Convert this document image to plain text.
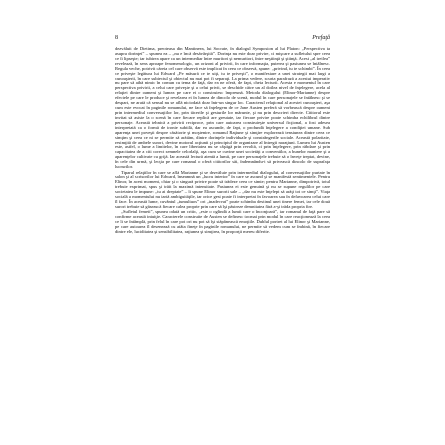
8	Prefaţă

dezvăluit de Dietima, preoteasa din Mantineea, lui Socrate, în dialogul Symposion al lui Platon: „Perspectiva ta asupra dorinţei” – spunea ea – „nu e încă desăvârşită”. Dorinţa nu este doar privire, ci mişcare a sufletului spre ceea ce îi lipseşte; iar iubirea apare ca un intermediar între muritori şi nemuritori, între neştiinţă şi ştiinţă. Acest „al treilea” revelează, în sens aproape fenomenologic, un orizont al privirii, în care informaţia, puterea şi pasiunea se întâlnesc. Regula veche, potrivit căreia cel care observă este implicat în ceea ce observă, spune: „privind, tu te schimbi”. În ceea ce priveşte legătura lui Edward „Pe măsură ce te uiţi, tu te priveşti”, o manifestare a unei strategii mai largi a cunoaşterii, în care subiectul şi obiectul nu mai pot fi separaţi. La prima vedere, scurta parafrază a acestui imperativ nu pare să aibă nimic în comun cu tema de faţă, dar ea ne oferă, de fapt, cheia lecturii. Acesta e momentul în care perspectiva privirii, a celui care priveşte şi a celui privit, se deschide către un al doilea nivel de înţelegere, acela al relaţiei dintre oameni şi lumea pe care ei o construiesc împreună. Metoda dialogului (Elinor-Marianne) despre efectele pe care le produce şi revelarea ei în lumea de dincolo de scenă, modul în care personajele se întâlnesc şi se despart, ne arată că sensul nu se află niciodată doar într-un singur loc. Caracterul relaţional al acestei cunoaşteri, aşa cum este evocat în paginile romanului, ne face să înţelegem de ce Jane Austen preferă să vorbească despre oameni prin intermediul conversaţiilor lor, prin tăcerile şi gesturile lor mărunte, şi nu prin descrieri directe. Cititorul este invitat să asiste la o scenă în care fiecare replică are greutate, iar fiecare privire poate schimba echilibrul dintre personaje. Această tehnică a privirii reciproce, prin care autoarea construieşte universul ficţional, a fost adesea interpretată ca o formă de ironie subtilă, dar ea ascunde, de fapt, o profundă înţelegere a condiţiei umane. Sub aparenţa unei poveşti despre căsătorie şi moştenire, romanul Raţiune şi simţire explorează tensiunea dintre ceea ce simţim şi ceea ce ni se permite să arătăm, dintre dorinţele individuale şi constrângerile sociale. Această polaritate, resimţită de ambele surori, devine motorul acţiunii şi principiul de organizare al întregii naraţiuni. Lumea lui Austen este, astfel, o lume a limitelor, în care libertatea nu se câştigă prin revoltă, ci prin înţelegere, prin răbdare şi prin capacitatea de a citi corect semnele celorlalţi, aşa cum se cuvine unei societăţi a conveniilor, a bunelor maniere şi a aparenţelor cultivate cu grijă. Iar această lectură atentă a lumii, pe care personajele trebuie să o înveţe treptat, devine, în cele din urmă, şi lecţia pe care romanul o oferă cititorilor săi, îndemnându-i să privească dincolo de suprafaţa lucrurilor.

Tiparul relaţiilor în care se află Marianne şi se dezvăluie prin intermediul dialogului, al conversaţiilor purtate în salon şi al scrisorilor lui Edward, înseamnă un „lucru interior” în care se ascund şi se manifestă sentimentele. Pentru Elinor, în acest moment, chiar şi o singură privire poate să trădeze ceea ce simte; pentru Marianne, dimpotrivă, totul trebuie exprimat, spus şi trăit la maximă intensitate. Pasiunea ei este genuină şi nu se supune regulilor pe care societatea le impune: „tu ai dreptate” – îi spune Elinor surorii sale – „dar nu este înţelept să arăţi tot ce simţi”. Viaţa socială a momentului nu iartă ambiguităţile, iar orice gest poate fi interpretat în favoarea sau în defavoarea celui care îl face. În această lume, cuvântul „tumultuos” ori „inadecvat” poate schimba destinul unei tinere femei, iar cele două surori trebuie să găsească fiecare calea proprie prin care să îşi păstreze demnitatea fără a-şi trăda propria fire.

„Sufletul femeii”, spunea odată un critic, „este o oglindă a lumii care o înconjoară”, iar romanul de faţă pare să confirme această intuiţie. Caracterele construite de Austen se definesc tocmai prin modul în care reacţionează la ceea ce li se întâmplă, prin felul în care pot ori nu pot să îşi stăpânească emoţiile. Dublul portret al lui Elinor şi Marianne, pe care autoarea îl desenează cu atâta fineţe în paginile romanului, ne permite să vedem cum se îmbină, în fiecare dintre ele, luciditatea şi sensibilitatea, raţiunea şi simţirea, în proporţii mereu diferite.
